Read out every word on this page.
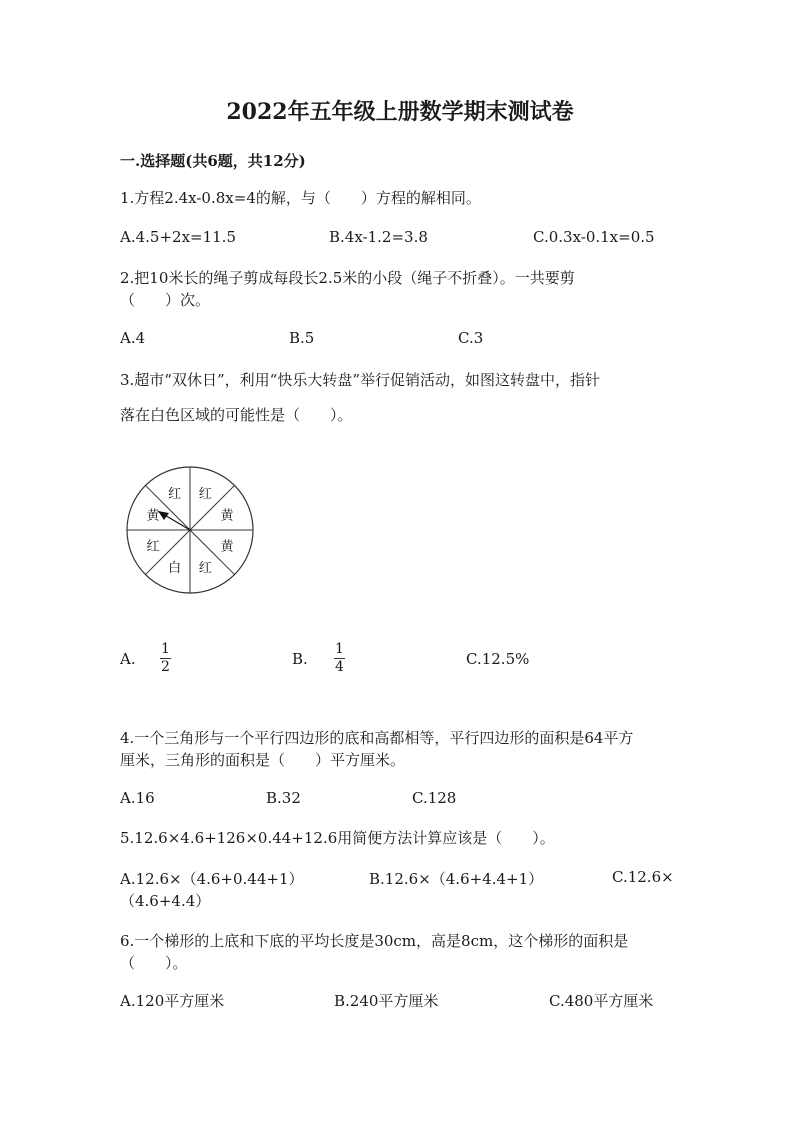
2022年五年级上册数学期末测试卷
一.选择题(共6题，共12分)
1.方程2.4x-0.8x=4的解，与（　　）方程的解相同。
A.4.5+2x=11.5	B.4x-1.2=3.8	C.0.3x-0.1x=0.5
2.把10米长的绳子剪成每段长2.5米的小段（绳子不折叠）。一共要剪
（　　）次。
A.4	B.5	C.3
3.超市“双休日”，利用“快乐大转盘”举行促销活动，如图这转盘中，指针
落在白色区域的可能性是（　　）。
红
黄
黄
红
白
红
黄
红
A.
1
2	B.
1
4	C.12.5%
4.一个三角形与一个平行四边形的底和高都相等，平行四边形的面积是64平方
厘米，三角形的面积是（　　）平方厘米。
A.16	B.32	C.128
5.12.6×4.6+126×0.44+12.6用简便方法计算应该是（　　）。
A.12.6×（4.6+0.44+1）	B.12.6×（4.6+4.4+1）	C.12.6×
（4.6+4.4）
6.一个梯形的上底和下底的平均长度是30cm，高是8cm，这个梯形的面积是
（　　）。
A.120平方厘米	B.240平方厘米	C.480平方厘米
